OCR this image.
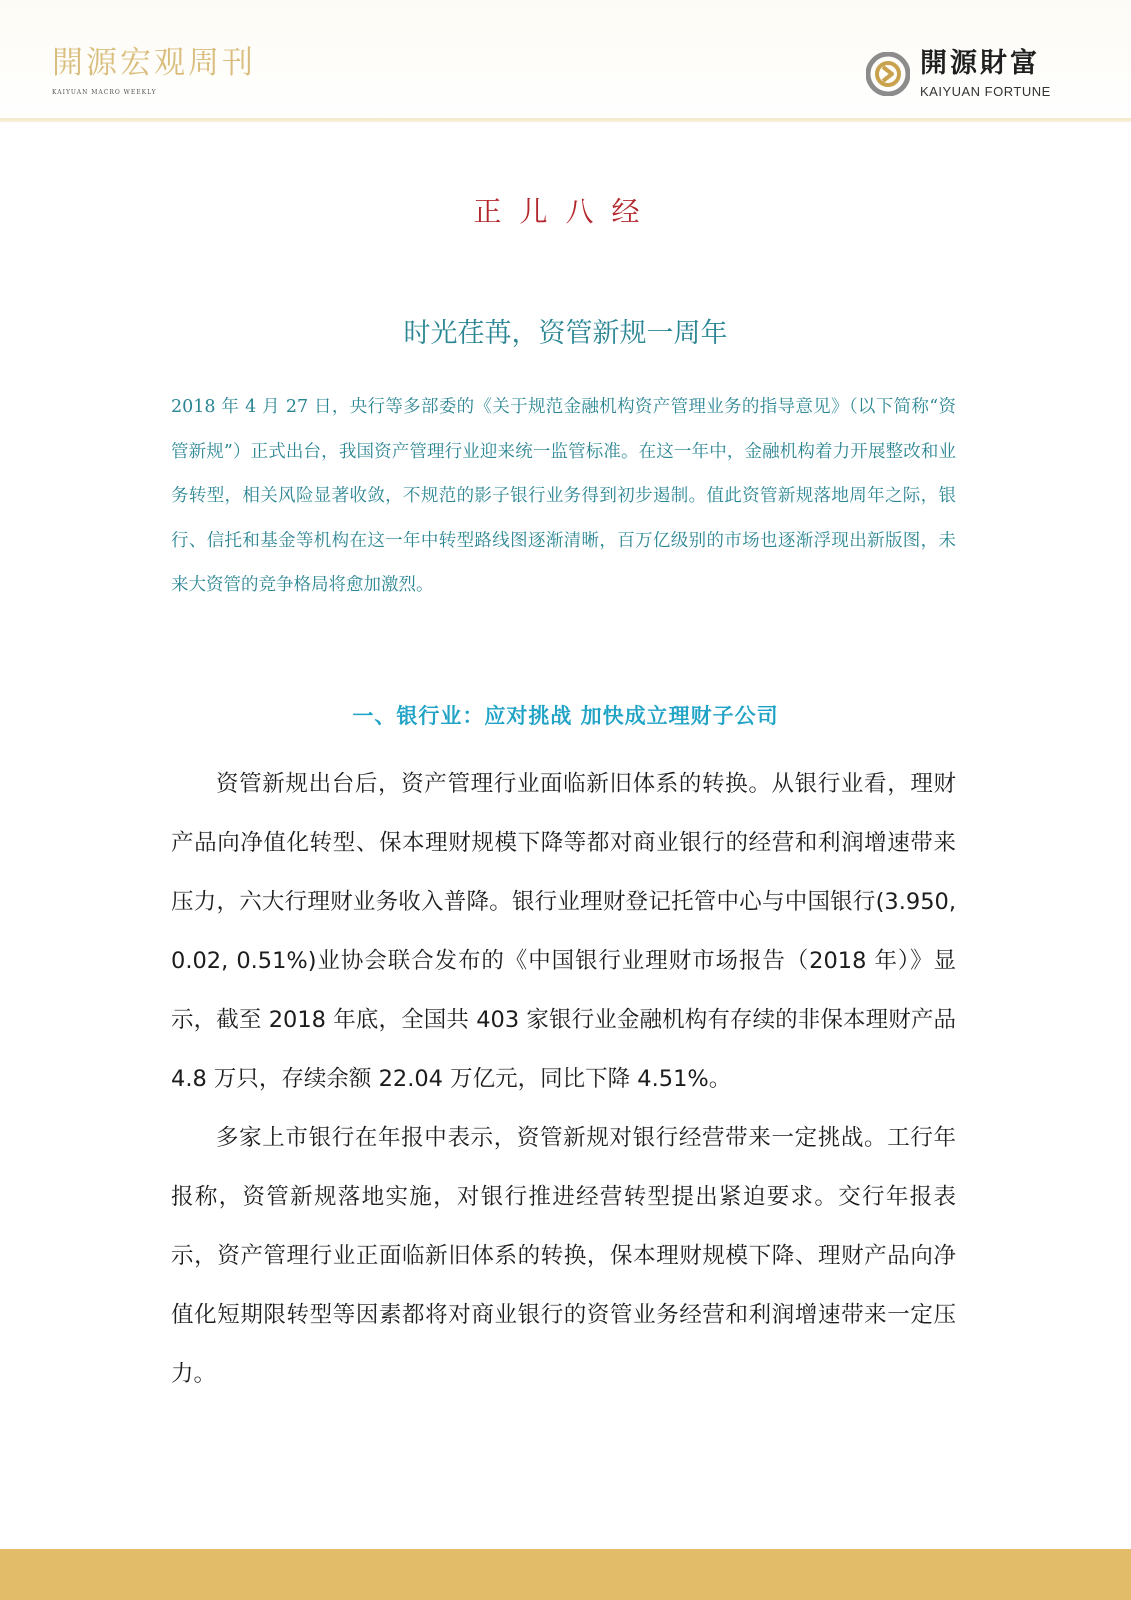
開源宏观周刊
KAIYUAN MACRO WEEKLY
開源財富
KAIYUAN FORTUNE
正儿八经
时光荏苒，资管新规一周年

2018 年 4 月 27 日，央行等多部委的《关于规范金融机构资产管理业务的指导意见》（以下简称“资管新规”）正式出台，我国资产管理行业迎来统一监管标准。在这一年中，金融机构着力开展整改和业务转型，相关风险显著收敛，不规范的影子银行业务得到初步遏制。值此资管新规落地周年之际，银行、信托和基金等机构在这一年中转型路线图逐渐清晰，百万亿级别的市场也逐渐浮现出新版图，未来大资管的竞争格局将愈加激烈。

一、银行业：应对挑战 加快成立理财子公司

资管新规出台后，资产管理行业面临新旧体系的转换。从银行业看，理财产品向净值化转型、保本理财规模下降等都对商业银行的经营和利润增速带来压力，六大行理财业务收入普降。银行业理财登记托管中心与中国银行(3.950, 0.02, 0.51%)业协会联合发布的《中国银行业理财市场报告（2018 年）》显示，截至 2018 年底，全国共 403 家银行业金融机构有存续的非保本理财产品 4.8 万只，存续余额 22.04 万亿元，同比下降 4.51%。

多家上市银行在年报中表示，资管新规对银行经营带来一定挑战。工行年报称，资管新规落地实施，对银行推进经营转型提出紧迫要求。交行年报表示，资产管理行业正面临新旧体系的转换，保本理财规模下降、理财产品向净值化短期限转型等因素都将对商业银行的资管业务经营和利润增速带来一定压力。
